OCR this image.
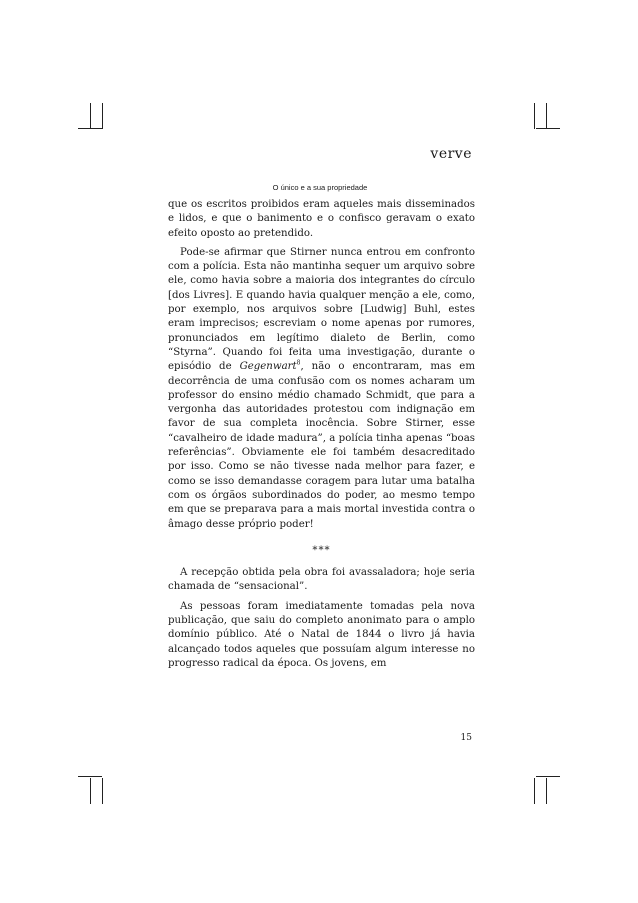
verve
O único e a sua propriedade

que os escritos proibidos eram aqueles mais disseminados e lidos, e que o banimento e o confisco geravam o exato efeito oposto ao pretendido.

Pode-se afirmar que Stirner nunca entrou em confronto com a polícia. Esta não mantinha sequer um arquivo sobre ele, como havia sobre a maioria dos integrantes do círculo [dos Livres]. E quando havia qualquer menção a ele, como, por exemplo, nos arquivos sobre [Ludwig] Buhl, estes eram imprecisos; escreviam o nome apenas por rumores, pronunciados em legítimo dialeto de Berlin, como “Styrna”. Quando foi feita uma investigação, durante o episódio de Gegenwart$^8$, não o encontraram, mas em decorrência de uma confusão com os nomes acharam um professor do ensino médio chamado Schmidt, que para a vergonha das autoridades protestou com indignação em favor de sua completa inocência. Sobre Stirner, esse “cavalheiro de idade madura”, a polícia tinha apenas “boas referências”. Obviamente ele foi também desacreditado por isso. Como se não tivesse nada melhor para fazer, e como se isso demandasse coragem para lutar uma batalha com os órgãos subordinados do poder, ao mesmo tempo em que se preparava para a mais mortal investida contra o âmago desse próprio poder!

***

A recepção obtida pela obra foi avassaladora; hoje seria chamada de “sensacional”.

As pessoas foram imediatamente tomadas pela nova publicação, que saiu do completo anonimato para o amplo domínio público. Até o Natal de 1844 o livro já havia alcançado todos aqueles que possuíam algum interesse no progresso radical da época. Os jovens, em

15
